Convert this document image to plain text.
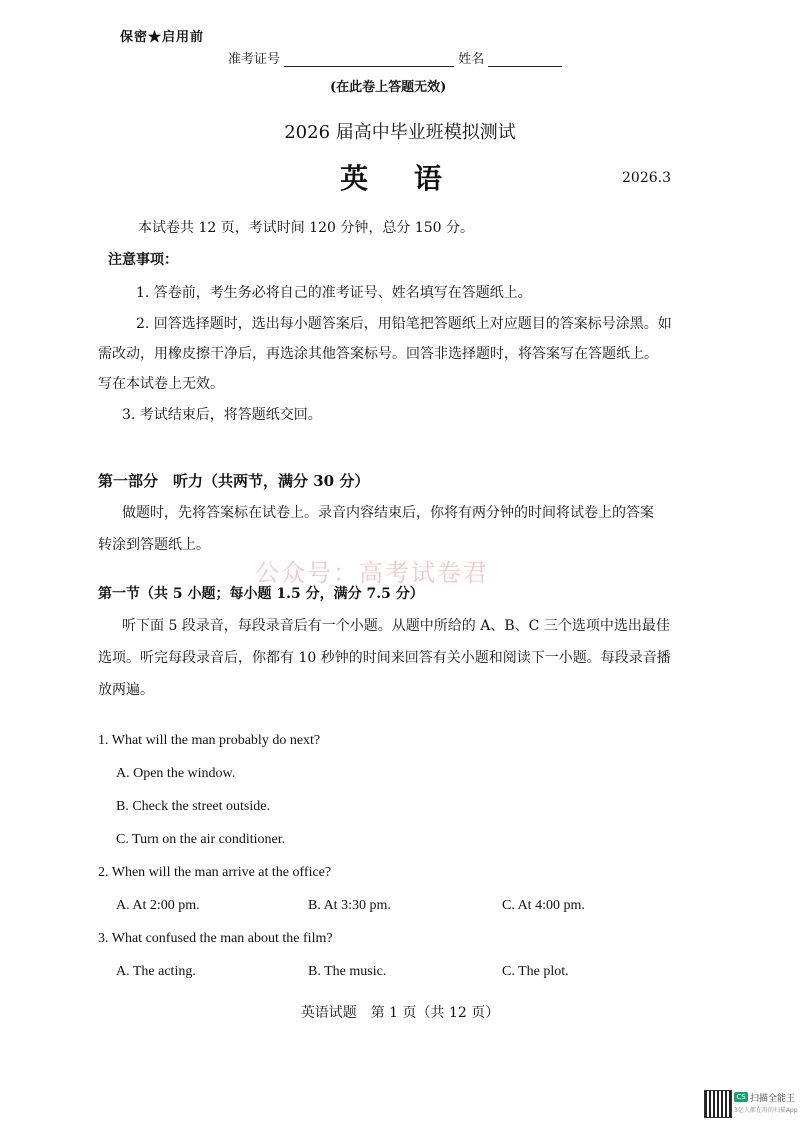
保密★启用前
准考证号	姓名
(在此卷上答题无效)
2026 届高中毕业班模拟测试
英 语	2026.3
本试卷共 12 页，考试时间 120 分钟，总分 150 分。
注意事项：
1. 答卷前，考生务必将自己的准考证号、姓名填写在答题纸上。
2. 回答选择题时，选出每小题答案后，用铅笔把答题纸上对应题目的答案标号涂黑。如
需改动，用橡皮擦干净后，再选涂其他答案标号。回答非选择题时，将答案写在答题纸上。
写在本试卷上无效。
3. 考试结束后，将答题纸交回。
第一部分　听力（共两节，满分 30 分）
做题时，先将答案标在试卷上。录音内容结束后，你将有两分钟的时间将试卷上的答案
转涂到答题纸上。
公众号：高考试卷君
第一节（共 5 小题；每小题 1.5 分，满分 7.5 分）
听下面 5 段录音，每段录音后有一个小题。从题中所给的 A、B、C 三个选项中选出最佳
选项。听完每段录音后，你都有 10 秒钟的时间来回答有关小题和阅读下一小题。每段录音播
放两遍。
1. What will the man probably do next?
A. Open the window.
B. Check the street outside.
C. Turn on the air conditioner.
2. When will the man arrive at the office?
A. At 2:00 pm.	B. At 3:30 pm.	C. At 4:00 pm.
3. What confused the man about the film?
A. The acting.	B. The music.	C. The plot.
英语试题　第 1 页（共 12 页）
CS 扫描全能王
3亿人都在用的扫描App
